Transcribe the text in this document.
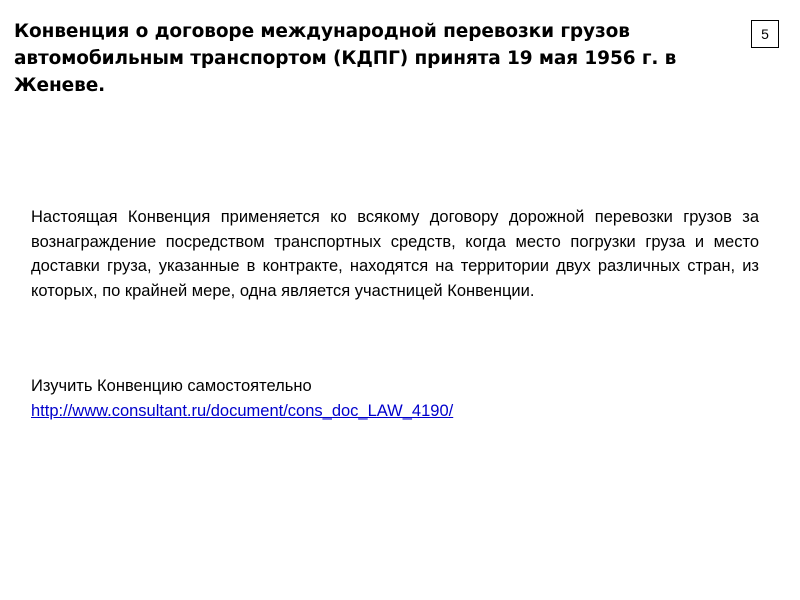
Конвенция о договоре международной перевозки грузов автомобильным транспортом (КДПГ) принята 19 мая 1956 г. в Женеве.
5

Настоящая Конвенция применяется ко всякому договору дорожной перевозки грузов за вознаграждение посредством транспортных средств, когда место погрузки груза и место доставки груза, указанные в контракте, находятся на территории двух различных стран, из которых, по крайней мере, одна является участницей Конвенции.

Изучить Конвенцию самостоятельно
http://www.consultant.ru/document/cons_doc_LAW_4190/
